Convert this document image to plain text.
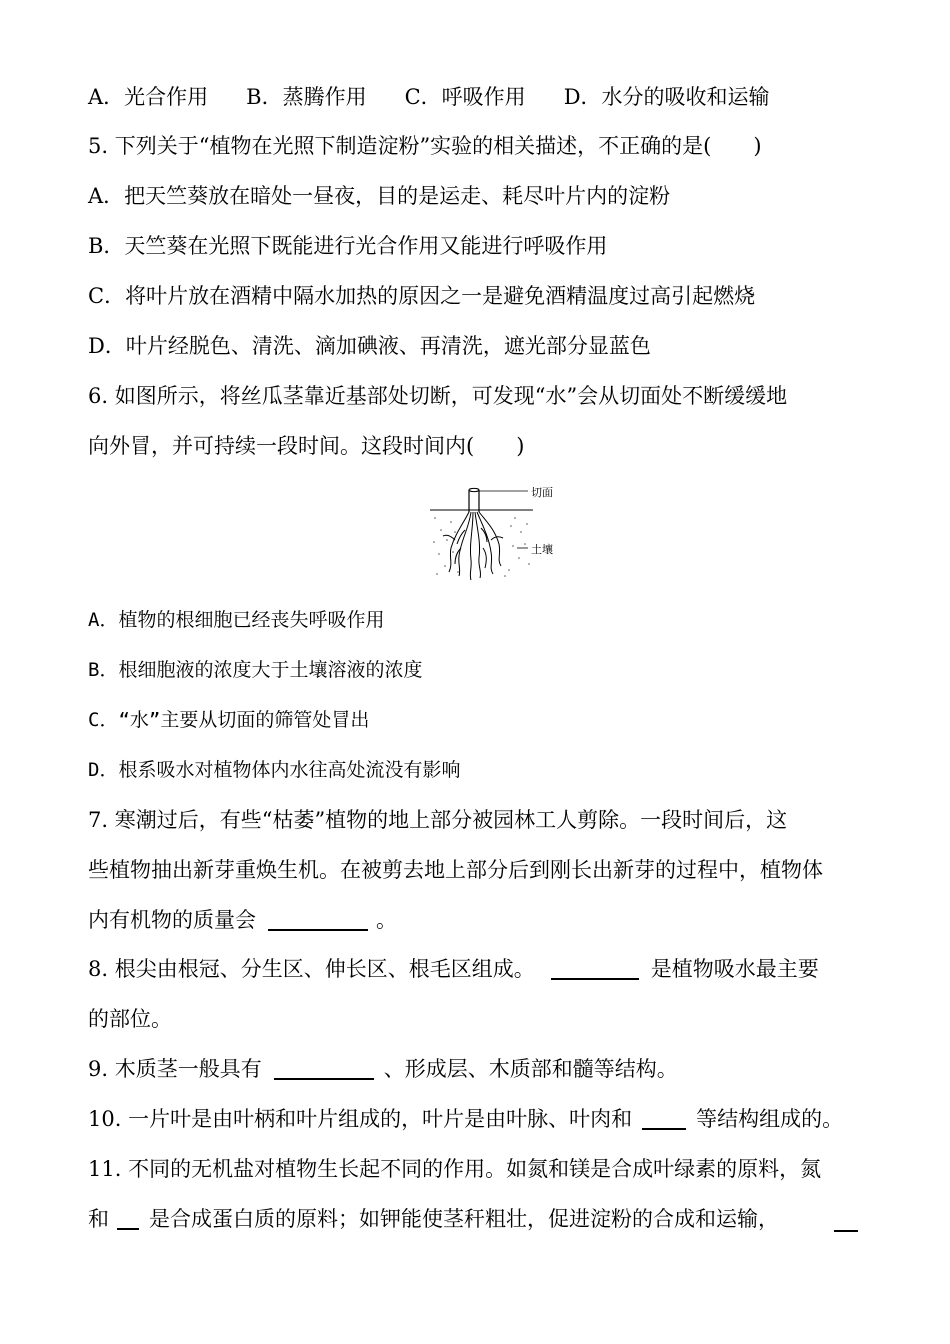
A．光合作用 B．蒸腾作用 C．呼吸作用 D．水分的吸收和运输
5. 下列关于“植物在光照下制造淀粉”实验的相关描述，不正确的是(　　)
A．把天竺葵放在暗处一昼夜，目的是运走、耗尽叶片内的淀粉
B．天竺葵在光照下既能进行光合作用又能进行呼吸作用
C．将叶片放在酒精中隔水加热的原因之一是避免酒精温度过高引起燃烧
D．叶片经脱色、清洗、滴加碘液、再清洗，遮光部分显蓝色
6. 如图所示，将丝瓜茎靠近基部处切断，可发现“水”会从切面处不断缓缓地
向外冒，并可持续一段时间。这段时间内(　　)
切面
土壤
A．植物的根细胞已经丧失呼吸作用
B．根细胞液的浓度大于土壤溶液的浓度
C．“水”主要从切面的筛管处冒出
D．根系吸水对植物体内水往高处流没有影响
7. 寒潮过后，有些“枯萎”植物的地上部分被园林工人剪除。一段时间后，这
些植物抽出新芽重焕生机。在被剪去地上部分后到刚长出新芽的过程中，植物体
内有机物的质量会	。
8. 根尖由根冠、分生区、伸长区、根毛区组成。	是植物吸水最主要
的部位。
9. 木质茎一般具有	、形成层、木质部和髓等结构。
10. 一片叶是由叶柄和叶片组成的，叶片是由叶脉、叶肉和	等结构组成的。
11. 不同的无机盐对植物生长起不同的作用。如氮和镁是合成叶绿素的原料，氮
和 是合成蛋白质的原料；如钾能使茎秆粗壮，促进淀粉的合成和运输，
